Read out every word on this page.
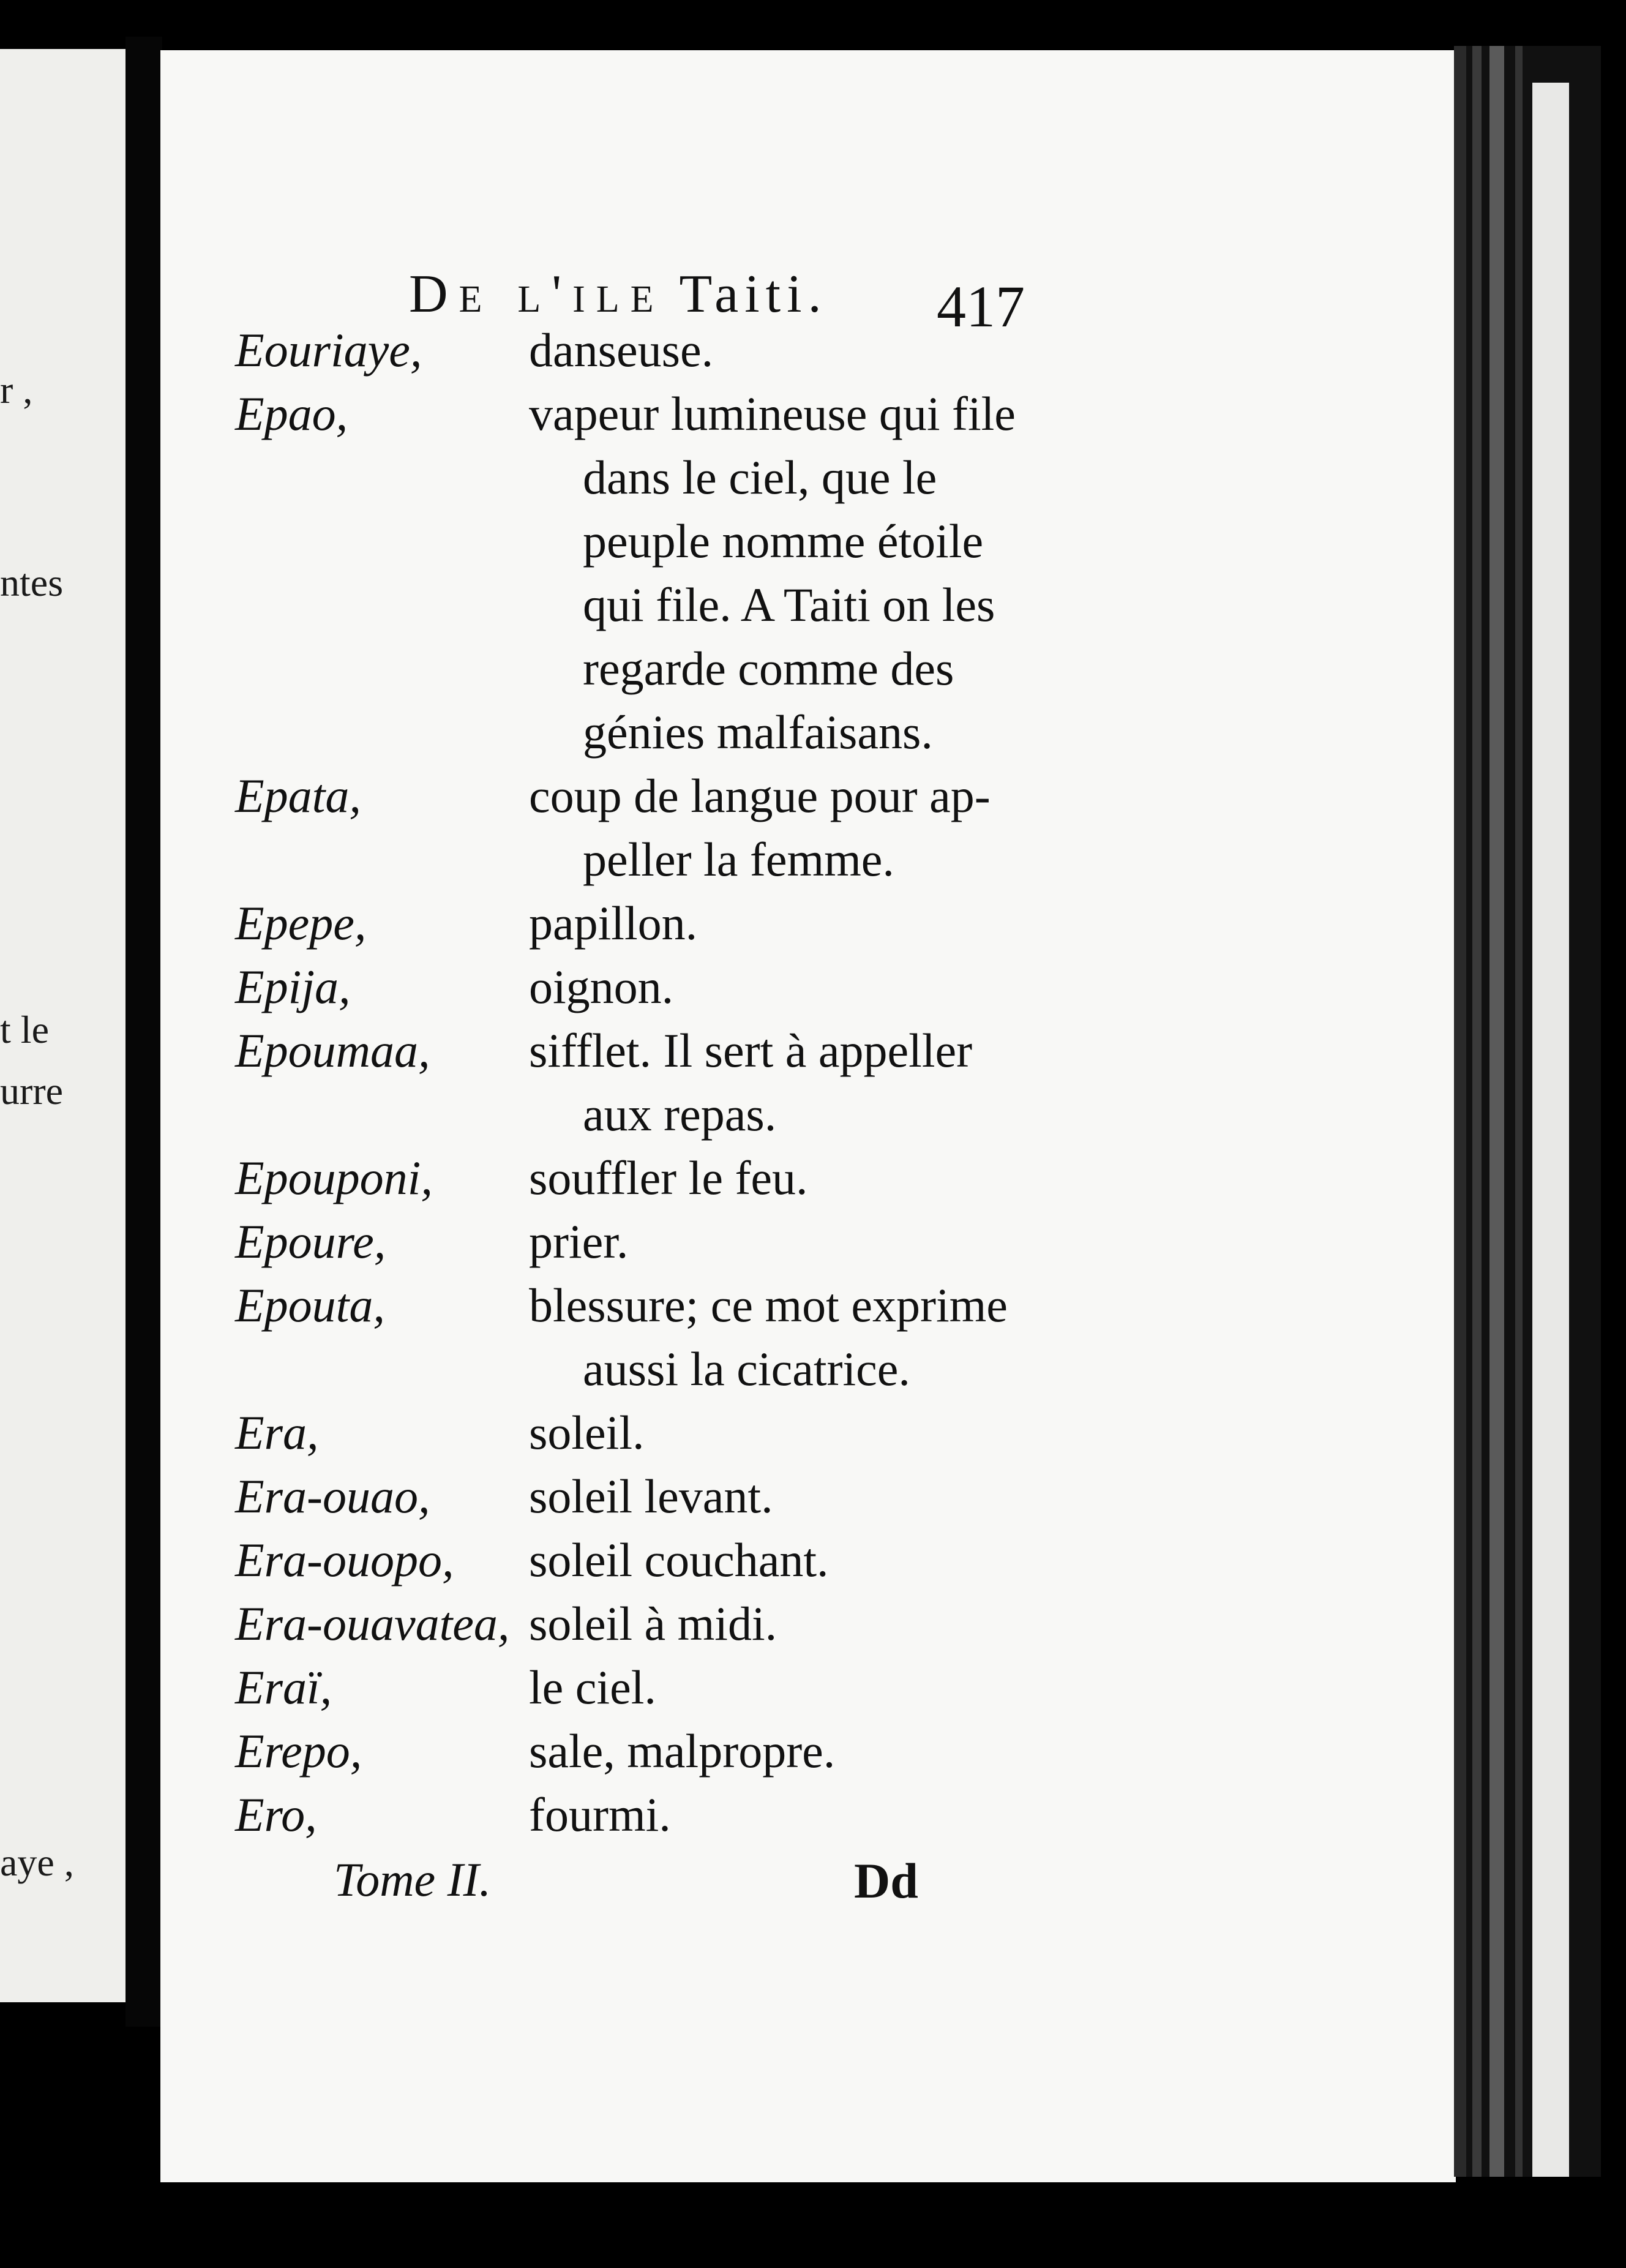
r ,
ntes
t le
urre
aye ,
De l'ile Taiti. 417
Eouriaye, danseuse.
Epao,	vapeur lumineuse qui file
dans le ciel, que le
peuple nomme étoile
qui file. A Taiti on les
regarde comme des
génies malfaisans.
Epata,	coup de langue pour ap-
peller la femme.
Epepe,	papillon.
Epija,	oignon.
Epoumaa, sifflet. Il sert à appeller
aux repas.
Epouponi, souffler le feu.
Epoure,	prier.
Epouta,	blessure; ce mot exprime
aussi la cicatrice.
Era,	soleil.
Era-ouao, soleil levant.
Era-ouopo, soleil couchant.
Era-ouavatea, soleil à midi.
Eraï,	le ciel.
Erepo,	sale, malpropre.
Ero,	fourmi.
Tome II.	Dd
